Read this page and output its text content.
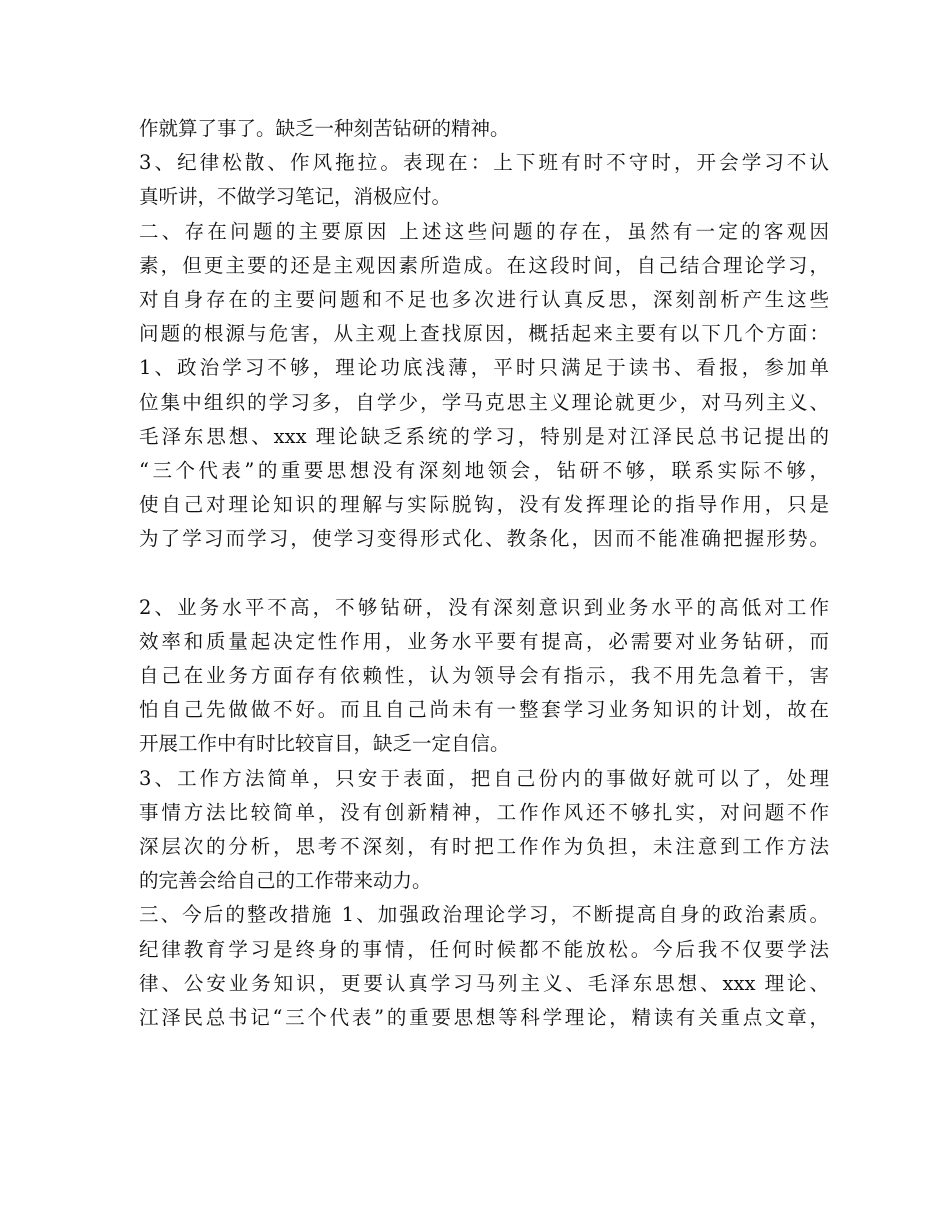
作就算了事了。缺乏一种刻苦钻研的精神。
3、纪律松散、作风拖拉。表现在：上下班有时不守时，开会学习不认
真听讲，不做学习笔记，消极应付。
二、存在问题的主要原因 上述这些问题的存在，虽然有一定的客观因
素，但更主要的还是主观因素所造成。在这段时间，自己结合理论学习，
对自身存在的主要问题和不足也多次进行认真反思，深刻剖析产生这些
问题的根源与危害，从主观上查找原因，概括起来主要有以下几个方面：
1、政治学习不够，理论功底浅薄，平时只满足于读书、看报，参加单
位集中组织的学习多，自学少，学马克思主义理论就更少，对马列主义、
毛泽东思想、xxx 理论缺乏系统的学习，特别是对江泽民总书记提出的
“三个代表”的重要思想没有深刻地领会，钻研不够，联系实际不够，
使自己对理论知识的理解与实际脱钩，没有发挥理论的指导作用，只是
为了学习而学习，使学习变得形式化、教条化，因而不能准确把握形势。
2、业务水平不高，不够钻研，没有深刻意识到业务水平的高低对工作
效率和质量起决定性作用，业务水平要有提高，必需要对业务钻研，而
自己在业务方面存有依赖性，认为领导会有指示，我不用先急着干，害
怕自己先做做不好。而且自己尚未有一整套学习业务知识的计划，故在
开展工作中有时比较盲目，缺乏一定自信。
3、工作方法简单，只安于表面，把自己份内的事做好就可以了，处理
事情方法比较简单，没有创新精神，工作作风还不够扎实，对问题不作
深层次的分析，思考不深刻，有时把工作作为负担，未注意到工作方法
的完善会给自己的工作带来动力。
三、今后的整改措施 1、加强政治理论学习，不断提高自身的政治素质。
纪律教育学习是终身的事情，任何时候都不能放松。今后我不仅要学法
律、公安业务知识，更要认真学习马列主义、毛泽东思想、xxx 理论、
江泽民总书记“三个代表”的重要思想等科学理论，精读有关重点文章，
